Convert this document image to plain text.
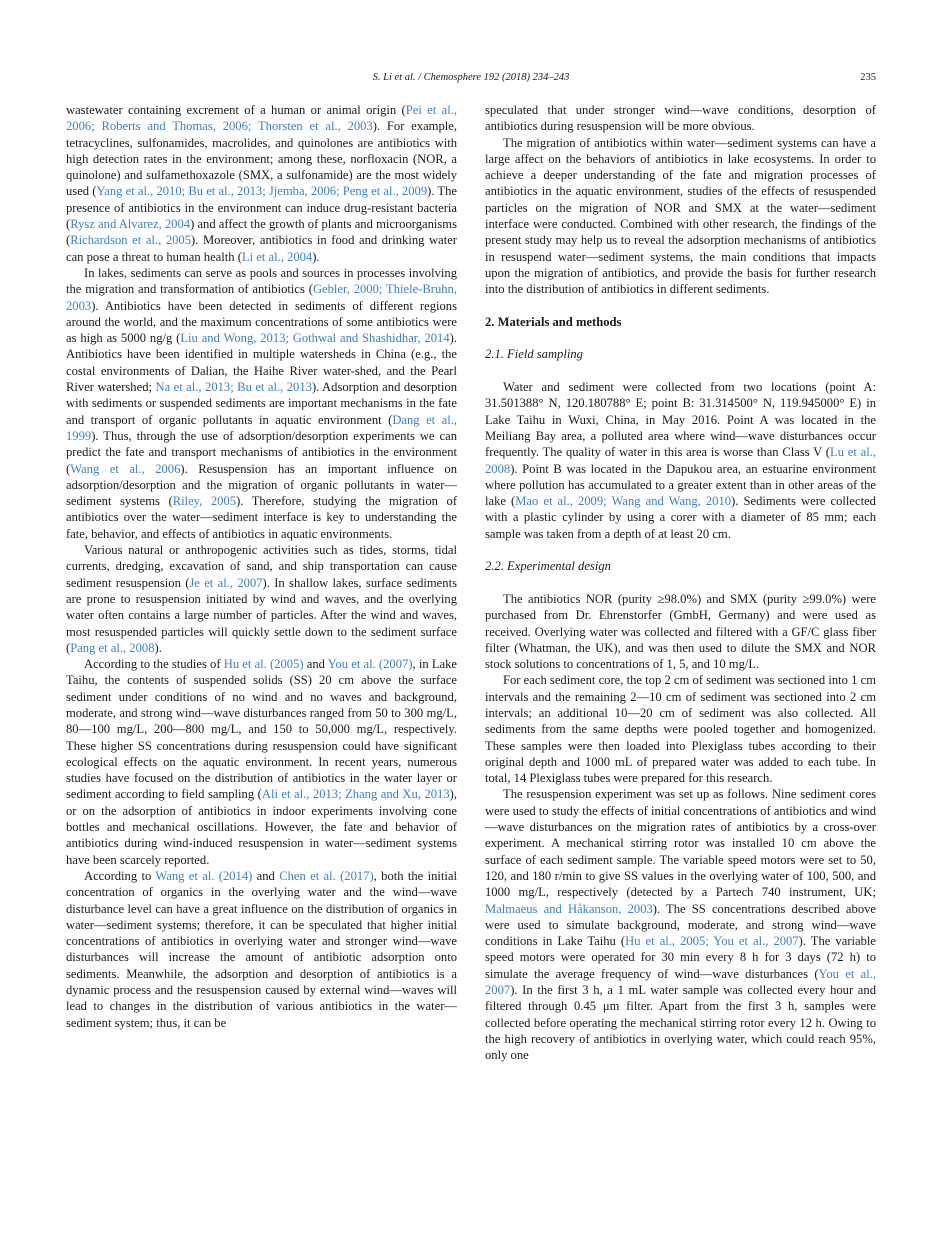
S. Li et al. / Chemosphere 192 (2018) 234–243	235

wastewater containing excrement of a human or animal origin (Pei et al., 2006; Roberts and Thomas, 2006; Thorsten et al., 2003). For example, tetracyclines, sulfonamides, macrolides, and quinolones are antibiotics with high detection rates in the environment; among these, norfloxacin (NOR, a quinolone) and sulfamethoxazole (SMX, a sulfonamide) are the most widely used (Yang et al., 2010; Bu et al., 2013; Jjemba, 2006; Peng et al., 2009). The presence of antibiotics in the environment can induce drug-resistant bacteria (Rysz and Alvarez, 2004) and affect the growth of plants and microorganisms (Richardson et al., 2005). Moreover, antibiotics in food and drinking water can pose a threat to human health (Li et al., 2004).

In lakes, sediments can serve as pools and sources in processes involving the migration and transformation of antibiotics (Gebler, 2000; Thiele-Bruhn, 2003). Antibiotics have been detected in sediments of different regions around the world, and the maximum concentrations of some antibiotics were as high as 5000 ng/g (Liu and Wong, 2013; Gothwal and Shashidhar, 2014). Antibiotics have been identified in multiple watersheds in China (e.g., the costal environments of Dalian, the Haihe River water-shed, and the Pearl River watershed; Na et al., 2013; Bu et al., 2013). Adsorption and desorption with sediments or suspended sediments are important mechanisms in the fate and transport of organic pollutants in aquatic environment (Dang et al., 1999). Thus, through the use of adsorption/desorption experiments we can predict the fate and transport mechanisms of antibiotics in the environment (Wang et al., 2006). Resuspension has an important influence on adsorption/desorption and the migration of organic pollutants in water—sediment systems (Riley, 2005). Therefore, studying the migration of antibiotics over the water—sediment interface is key to understanding the fate, behavior, and effects of antibiotics in aquatic environments.

Various natural or anthropogenic activities such as tides, storms, tidal currents, dredging, excavation of sand, and ship transportation can cause sediment resuspension (Je et al., 2007). In shallow lakes, surface sediments are prone to resuspension initiated by wind and waves, and the overlying water often contains a large number of particles. After the wind and waves, most resuspended particles will quickly settle down to the sediment surface (Pang et al., 2008).

According to the studies of Hu et al. (2005) and You et al. (2007), in Lake Taihu, the contents of suspended solids (SS) 20 cm above the surface sediment under conditions of no wind and no waves and background, moderate, and strong wind—wave disturbances ranged from 50 to 300 mg/L, 80—100 mg/L, 200—800 mg/L, and 150 to 50,000 mg/L, respectively. These higher SS concentrations during resuspension could have significant ecological effects on the aquatic environment. In recent years, numerous studies have focused on the distribution of antibiotics in the water layer or sediment according to field sampling (Ali et al., 2013; Zhang and Xu, 2013), or on the adsorption of antibiotics in indoor experiments involving cone bottles and mechanical oscillations. However, the fate and behavior of antibiotics during wind-induced resuspension in water—sediment systems have been scarcely reported.

According to Wang et al. (2014) and Chen et al. (2017), both the initial concentration of organics in the overlying water and the wind—wave disturbance level can have a great influence on the distribution of organics in water—sediment systems; therefore, it can be speculated that higher initial concentrations of antibiotics in overlying water and stronger wind—wave disturbances will increase the amount of antibiotic adsorption onto sediments. Meanwhile, the adsorption and desorption of antibiotics is a dynamic process and the resuspension caused by external wind—waves will lead to changes in the distribution of various antibiotics in the water—sediment system; thus, it can be

speculated that under stronger wind—wave conditions, desorption of antibiotics during resuspension will be more obvious.

The migration of antibiotics within water—sediment systems can have a large affect on the behaviors of antibiotics in lake ecosystems. In order to achieve a deeper understanding of the fate and migration processes of antibiotics in the aquatic environment, studies of the effects of resuspended particles on the migration of NOR and SMX at the water—sediment interface were conducted. Combined with other research, the findings of the present study may help us to reveal the adsorption mechanisms of antibiotics in resuspend water—sediment systems, the main conditions that impacts upon the migration of antibiotics, and provide the basis for further research into the distribution of antibiotics in different sediments.

2. Materials and methods
2.1. Field sampling

Water and sediment were collected from two locations (point A: 31.501388° N, 120.180788° E; point B: 31.314500° N, 119.945000° E) in Lake Taihu in Wuxi, China, in May 2016. Point A was located in the Meiliang Bay area, a polluted area where wind—wave disturbances occur frequently. The quality of water in this area is worse than Class V (Lu et al., 2008). Point B was located in the Dapukou area, an estuarine environment where pollution has accumulated to a greater extent than in other areas of the lake (Mao et al., 2009; Wang and Wang, 2010). Sediments were collected with a plastic cylinder by using a corer with a diameter of 85 mm; each sample was taken from a depth of at least 20 cm.

2.2. Experimental design

The antibiotics NOR (purity ≥98.0%) and SMX (purity ≥99.0%) were purchased from Dr. Ehrenstorfer (GmbH, Germany) and were used as received. Overlying water was collected and filtered with a GF/C glass fiber filter (Whatman, the UK), and was then used to dilute the SMX and NOR stock solutions to concentrations of 1, 5, and 10 mg/L.

For each sediment core, the top 2 cm of sediment was sectioned into 1 cm intervals and the remaining 2—10 cm of sediment was sectioned into 2 cm intervals; an additional 10—20 cm of sediment was also collected. All sediments from the same depths were pooled together and homogenized. These samples were then loaded into Plexiglass tubes according to their original depth and 1000 mL of prepared water was added to each tube. In total, 14 Plexiglass tubes were prepared for this research.

The resuspension experiment was set up as follows. Nine sediment cores were used to study the effects of initial concentrations of antibiotics and wind—wave disturbances on the migration rates of antibiotics by a cross-over experiment. A mechanical stirring rotor was installed 10 cm above the surface of each sediment sample. The variable speed motors were set to 50, 120, and 180 r/min to give SS values in the overlying water of 100, 500, and 1000 mg/L, respectively (detected by a Partech 740 instrument, UK; Malmaeus and Håkanson, 2003). The SS concentrations described above were used to simulate background, moderate, and strong wind—wave conditions in Lake Taihu (Hu et al., 2005; You et al., 2007). The variable speed motors were operated for 30 min every 8 h for 3 days (72 h) to simulate the average frequency of wind—wave disturbances (You et al., 2007). In the first 3 h, a 1 mL water sample was collected every hour and filtered through 0.45 μm filter. Apart from the first 3 h, samples were collected before operating the mechanical stirring rotor every 12 h. Owing to the high recovery of antibiotics in overlying water, which could reach 95%, only one
